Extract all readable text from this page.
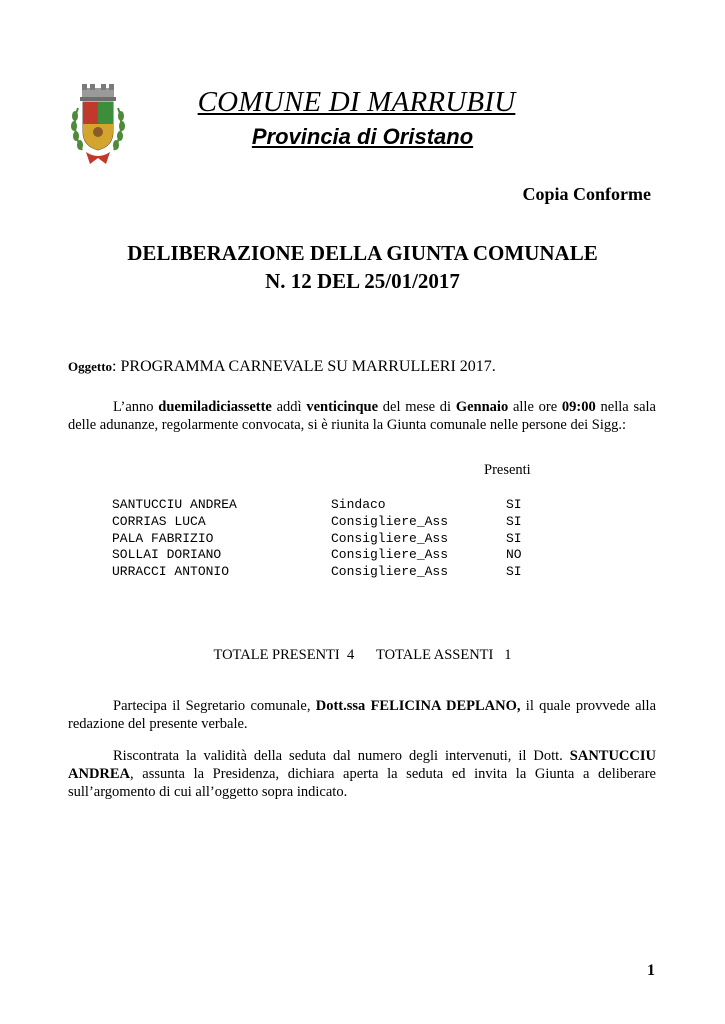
COMUNE DI MARRUBIU
Provincia di Oristano
Copia Conforme
DELIBERAZIONE DELLA GIUNTA COMUNALE
N. 12 DEL 25/01/2017
Oggetto: PROGRAMMA CARNEVALE SU MARRULLERI 2017.
L’anno duemiladiciassette addì venticinque del mese di Gennaio alle ore 09:00 nella sala delle adunanze, regolarmente convocata, si è riunita la Giunta comunale nelle persone dei Sigg.:
Presenti
SANTUCCIU ANDREA	Sindaco	SI
CORRIAS LUCA	Consigliere_Ass	SI
PALA FABRIZIO	Consigliere_Ass	SI
SOLLAI DORIANO	Consigliere_Ass	NO
URRACCI ANTONIO	Consigliere_Ass	SI
TOTALE PRESENTI 4 TOTALE ASSENTI 1
Partecipa il Segretario comunale, Dott.ssa FELICINA DEPLANO, il quale provvede alla redazione del presente verbale.
Riscontrata la validità della seduta dal numero degli intervenuti, il Dott. SANTUCCIU ANDREA, assunta la Presidenza, dichiara aperta la seduta ed invita la Giunta a deliberare sull’argomento di cui all’oggetto sopra indicato.
1
